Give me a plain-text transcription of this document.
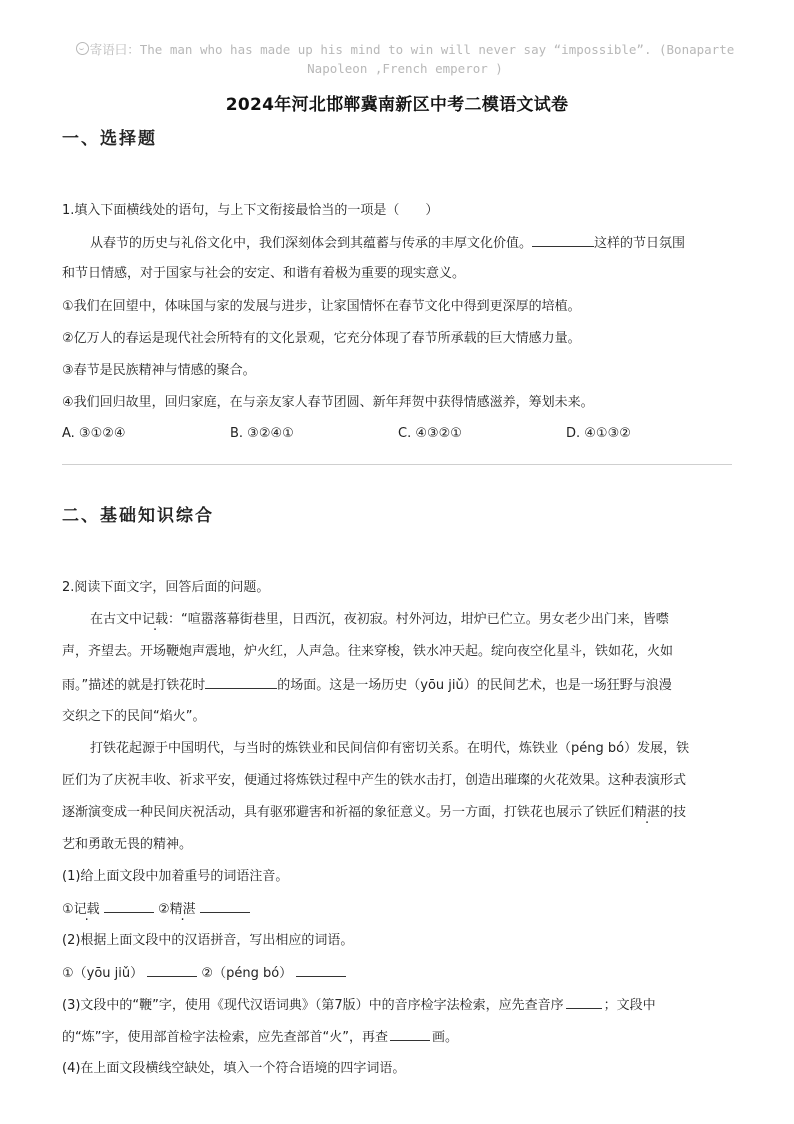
寄语曰：The man who has made up his mind to win will never say “impossible”. (Bonaparte
Napoleon ,French emperor )
2024年河北邯郸冀南新区中考二模语文试卷
一、选择题
1.填入下面横线处的语句，与上下文衔接最恰当的一项是（　　）
从春节的历史与礼俗文化中，我们深刻体会到其蕴蓄与传承的丰厚文化价值。	这样的节日氛围
和节日情感，对于国家与社会的安定、和谐有着极为重要的现实意义。
①我们在回望中，体味国与家的发展与进步，让家国情怀在春节文化中得到更深厚的培植。
②亿万人的春运是现代社会所特有的文化景观，它充分体现了春节所承载的巨大情感力量。
③春节是民族精神与情感的聚合。
④我们回归故里，回归家庭，在与亲友家人春节团圆、新年拜贺中获得情感滋养，筹划未来。
A. ③①②④	B. ③②④①	C. ④③②①	D. ④①③②
二、基础知识综合
2.阅读下面文字，回答后面的问题。
在古文中记载：“喧嚣落幕街巷里，日西沉，夜初寂。村外河边，坩炉已伫立。男女老少出门来，皆噤
声，齐望去。开场鞭炮声震地，炉火红，人声急。往来穿梭，铁水冲天起。绽向夜空化星斗，铁如花，火如
雨。”描述的就是打铁花时	的场面。这是一场历史（yōu jiǔ）的民间艺术，也是一场狂野与浪漫
交织之下的民间“焰火”。
打铁花起源于中国明代，与当时的炼铁业和民间信仰有密切关系。在明代，炼铁业（péng bó）发展，铁
匠们为了庆祝丰收、祈求平安，便通过将炼铁过程中产生的铁水击打，创造出璀璨的火花效果。这种表演形式
逐渐演变成一种民间庆祝活动，具有驱邪避害和祈福的象征意义。另一方面，打铁花也展示了铁匠们精湛的技
艺和勇敢无畏的精神。
(1)给上面文段中加着重号的词语注音。
①记载	②精湛
(2)根据上面文段中的汉语拼音，写出相应的词语。
①（yōu jiǔ）	②（péng bó）
(3)文段中的“鞭”字，使用《现代汉语词典》（第7版）中的音序检字法检索，应先查音序	；文段中
的“炼”字，使用部首检字法检索，应先查部首“火”，再查	画。
(4)在上面文段横线空缺处，填入一个符合语境的四字词语。
